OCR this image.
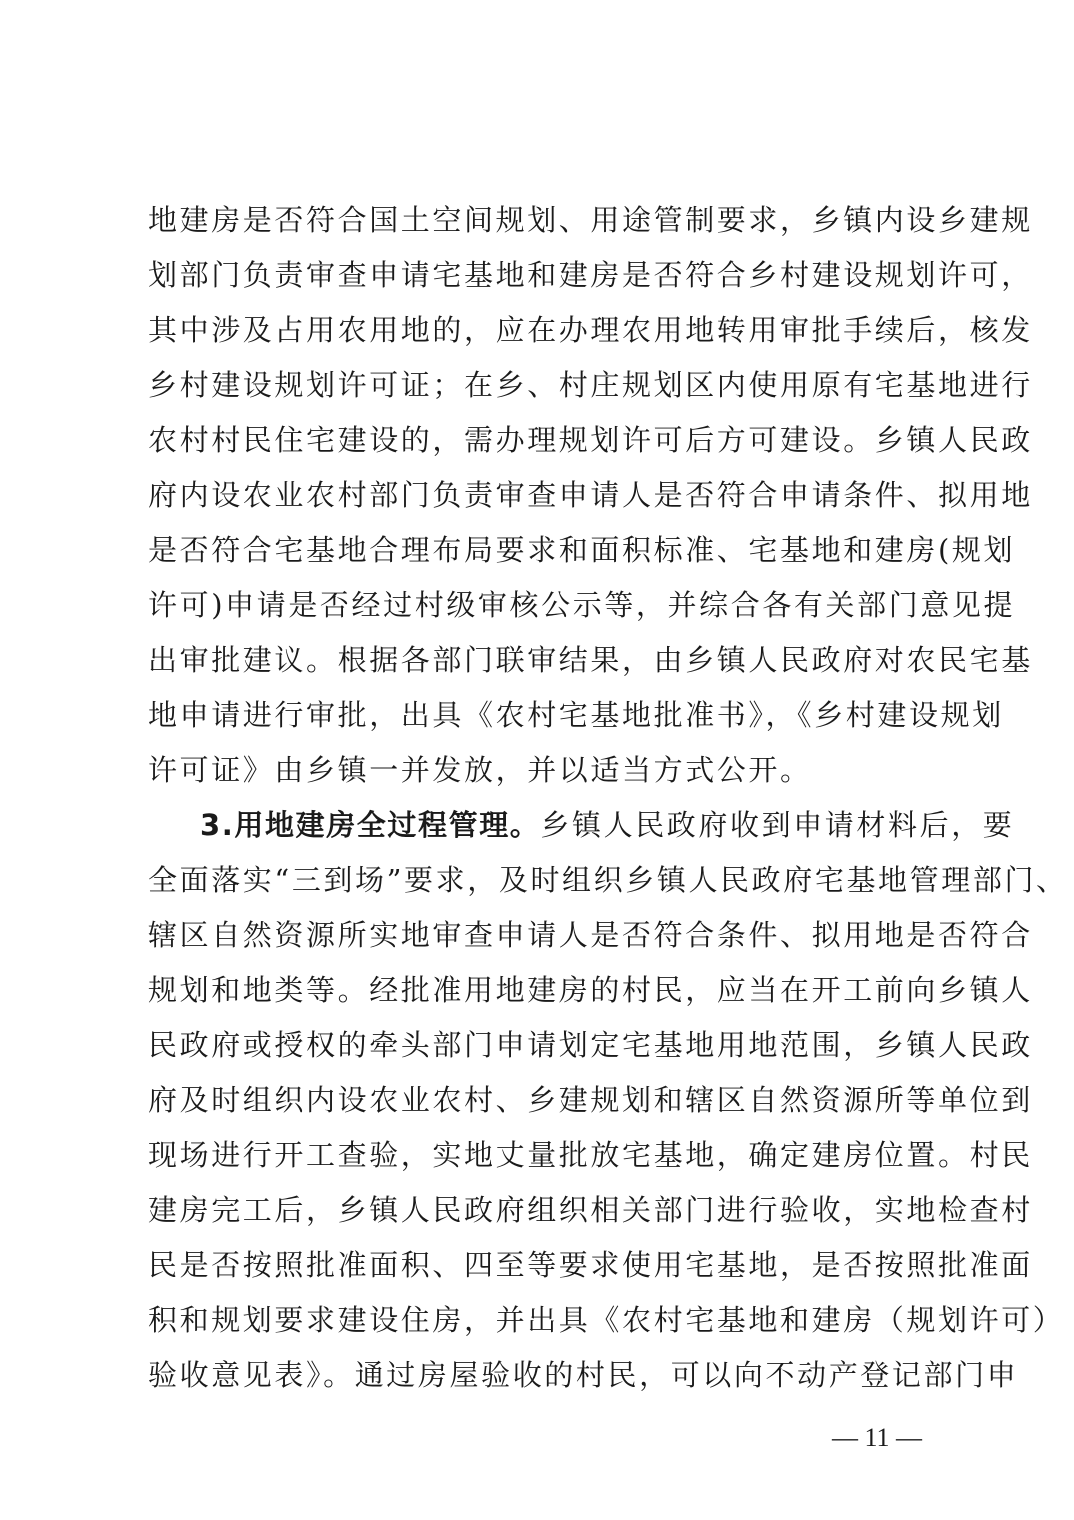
地建房是否符合国土空间规划、用途管制要求，乡镇内设乡建规
划部门负责审查申请宅基地和建房是否符合乡村建设规划许可，
其中涉及占用农用地的，应在办理农用地转用审批手续后，核发
乡村建设规划许可证；在乡、村庄规划区内使用原有宅基地进行
农村村民住宅建设的，需办理规划许可后方可建设。乡镇人民政
府内设农业农村部门负责审查申请人是否符合申请条件、拟用地
是否符合宅基地合理布局要求和面积标准、宅基地和建房(规划
许可)申请是否经过村级审核公示等，并综合各有关部门意见提
出审批建议。根据各部门联审结果，由乡镇人民政府对农民宅基
地申请进行审批，出具《农村宅基地批准书》，《乡村建设规划
许可证》由乡镇一并发放，并以适当方式公开。
3.用地建房全过程管理。乡镇人民政府收到申请材料后，要
全面落实“三到场”要求，及时组织乡镇人民政府宅基地管理部门、
辖区自然资源所实地审查申请人是否符合条件、拟用地是否符合
规划和地类等。经批准用地建房的村民，应当在开工前向乡镇人
民政府或授权的牵头部门申请划定宅基地用地范围，乡镇人民政
府及时组织内设农业农村、乡建规划和辖区自然资源所等单位到
现场进行开工查验，实地丈量批放宅基地，确定建房位置。村民
建房完工后，乡镇人民政府组织相关部门进行验收，实地检查村
民是否按照批准面积、四至等要求使用宅基地，是否按照批准面
积和规划要求建设住房，并出具《农村宅基地和建房（规划许可）
验收意见表》。通过房屋验收的村民，可以向不动产登记部门申
— 11 —
